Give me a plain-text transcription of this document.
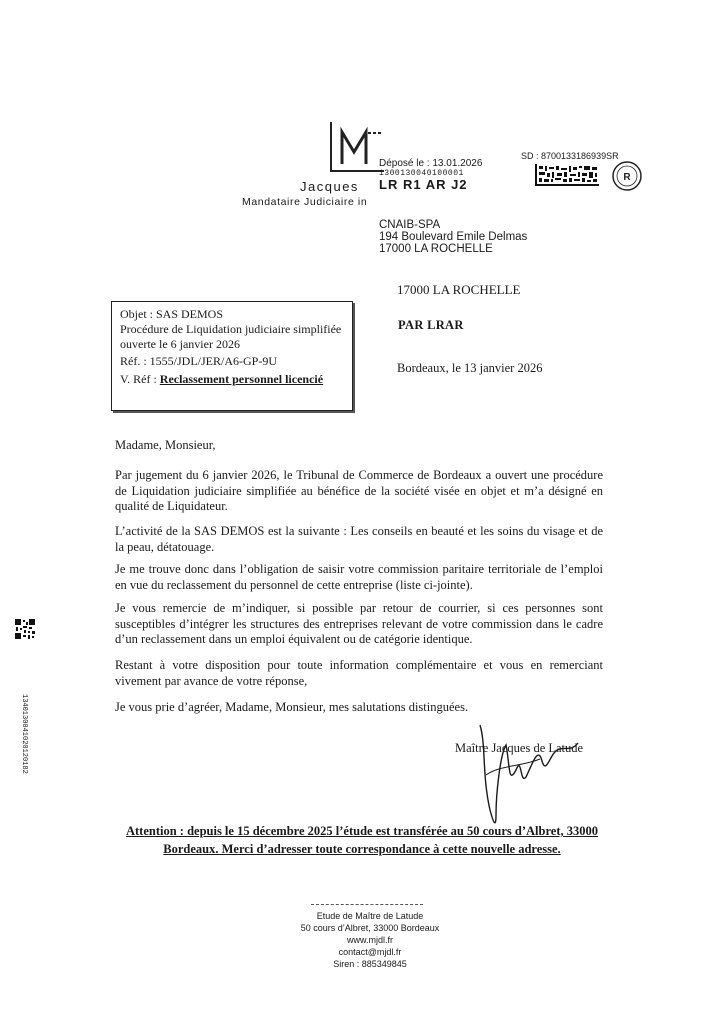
Jacques
Mandataire Judiciaire in
Déposé le : 13.01.2026
1300130040100001
LR R1 AR J2
SD : 8700133186939SR
R
CNAIB-SPA
194 Boulevard Emile Delmas
17000 LA ROCHELLE
17000 LA ROCHELLE
Objet : SAS DEMOS
Procédure de Liquidation judiciaire simplifiée
ouverte le 6 janvier 2026
Réf. : 1555/JDL/JER/A6-GP-9U
V. Réf : Reclassement personnel licencié
PAR LRAR
Bordeaux, le 13 janvier 2026

Madame, Monsieur,

Par jugement du 6 janvier 2026, le Tribunal de Commerce de Bordeaux a ouvert une procédure de Liquidation judiciaire simplifiée au bénéfice de la société visée en objet et m’a désigné en qualité de Liquidateur.

L’activité de la SAS DEMOS est la suivante : Les conseils en beauté et les soins du visage et de la peau, détatouage.

Je me trouve donc dans l’obligation de saisir votre commission paritaire territoriale de l’emploi en vue du reclassement du personnel de cette entreprise (liste ci-jointe).

Je vous remercie de m’indiquer, si possible par retour de courrier, si ces personnes sont susceptibles d’intégrer les structures des entreprises relevant de votre commission dans le cadre d’un reclassement dans un emploi équivalent ou de catégorie identique.

Restant à votre disposition pour toute information complémentaire et vous en remerciant vivement par avance de votre réponse,

Je vous prie d’agréer, Madame, Monsieur, mes salutations distinguées.

Maître Jacques de Latude
Attention : depuis le 15 décembre 2025 l’étude est transférée au 50 cours d’Albret, 33000
Bordeaux. Merci d’adresser toute correspondance à cette nouvelle adresse.
Etude de Maître de Latude
50 cours d’Albret, 33000 Bordeaux
www.mjdl.fr
contact@mjdl.fr
Siren : 885349845
1340130041020120182
